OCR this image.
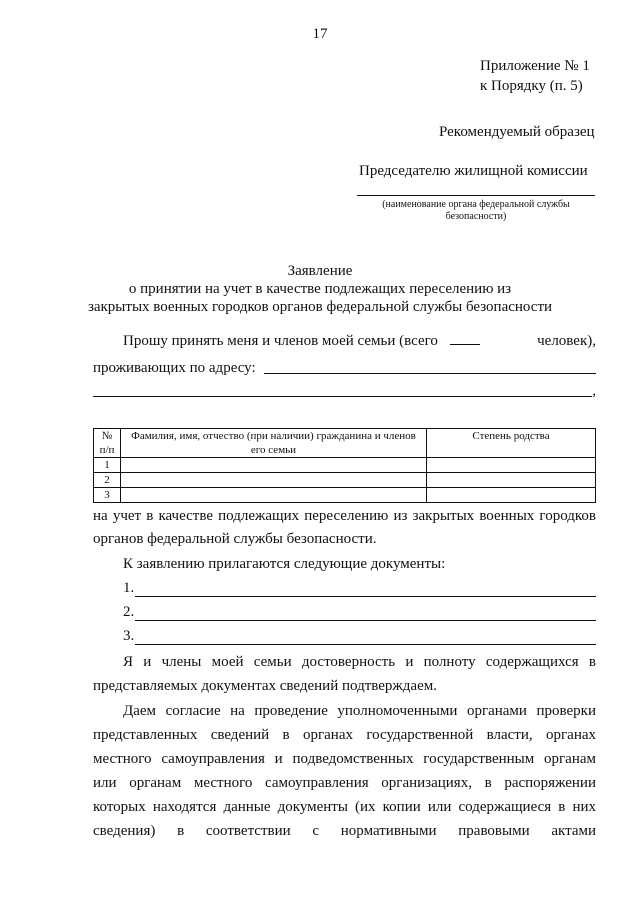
17
Приложение № 1
к Порядку (п. 5)
Рекомендуемый образец
Председателю жилищной комиссии
(наименование органа федеральной службы безопасности)
Заявление
о принятии на учет в качестве подлежащих переселению из
закрытых военных городков органов федеральной службы безопасности
Прошу принять меня и членов моей семьи (всего	человек),
проживающих по адресу:
,
№ п/п	Фамилия, имя, отчество (при наличии) гражданина и членов его семьи	Степень родства
1		
2		
3		
на учет в качестве подлежащих переселению из закрытых военных городков
органов федеральной службы безопасности.
К заявлению прилагаются следующие документы:
1.
2.
3.
Я и члены моей семьи достоверность и полноту содержащихся в
представляемых документах сведений подтверждаем.
Даем согласие на проведение уполномоченными органами проверки
представленных сведений в органах государственной власти, органах
местного самоуправления и подведомственных государственным органам
или органам местного самоуправления организациях, в распоряжении
которых находятся данные документы (их копии или содержащиеся в них
сведения) в соответствии с нормативными правовыми актами
